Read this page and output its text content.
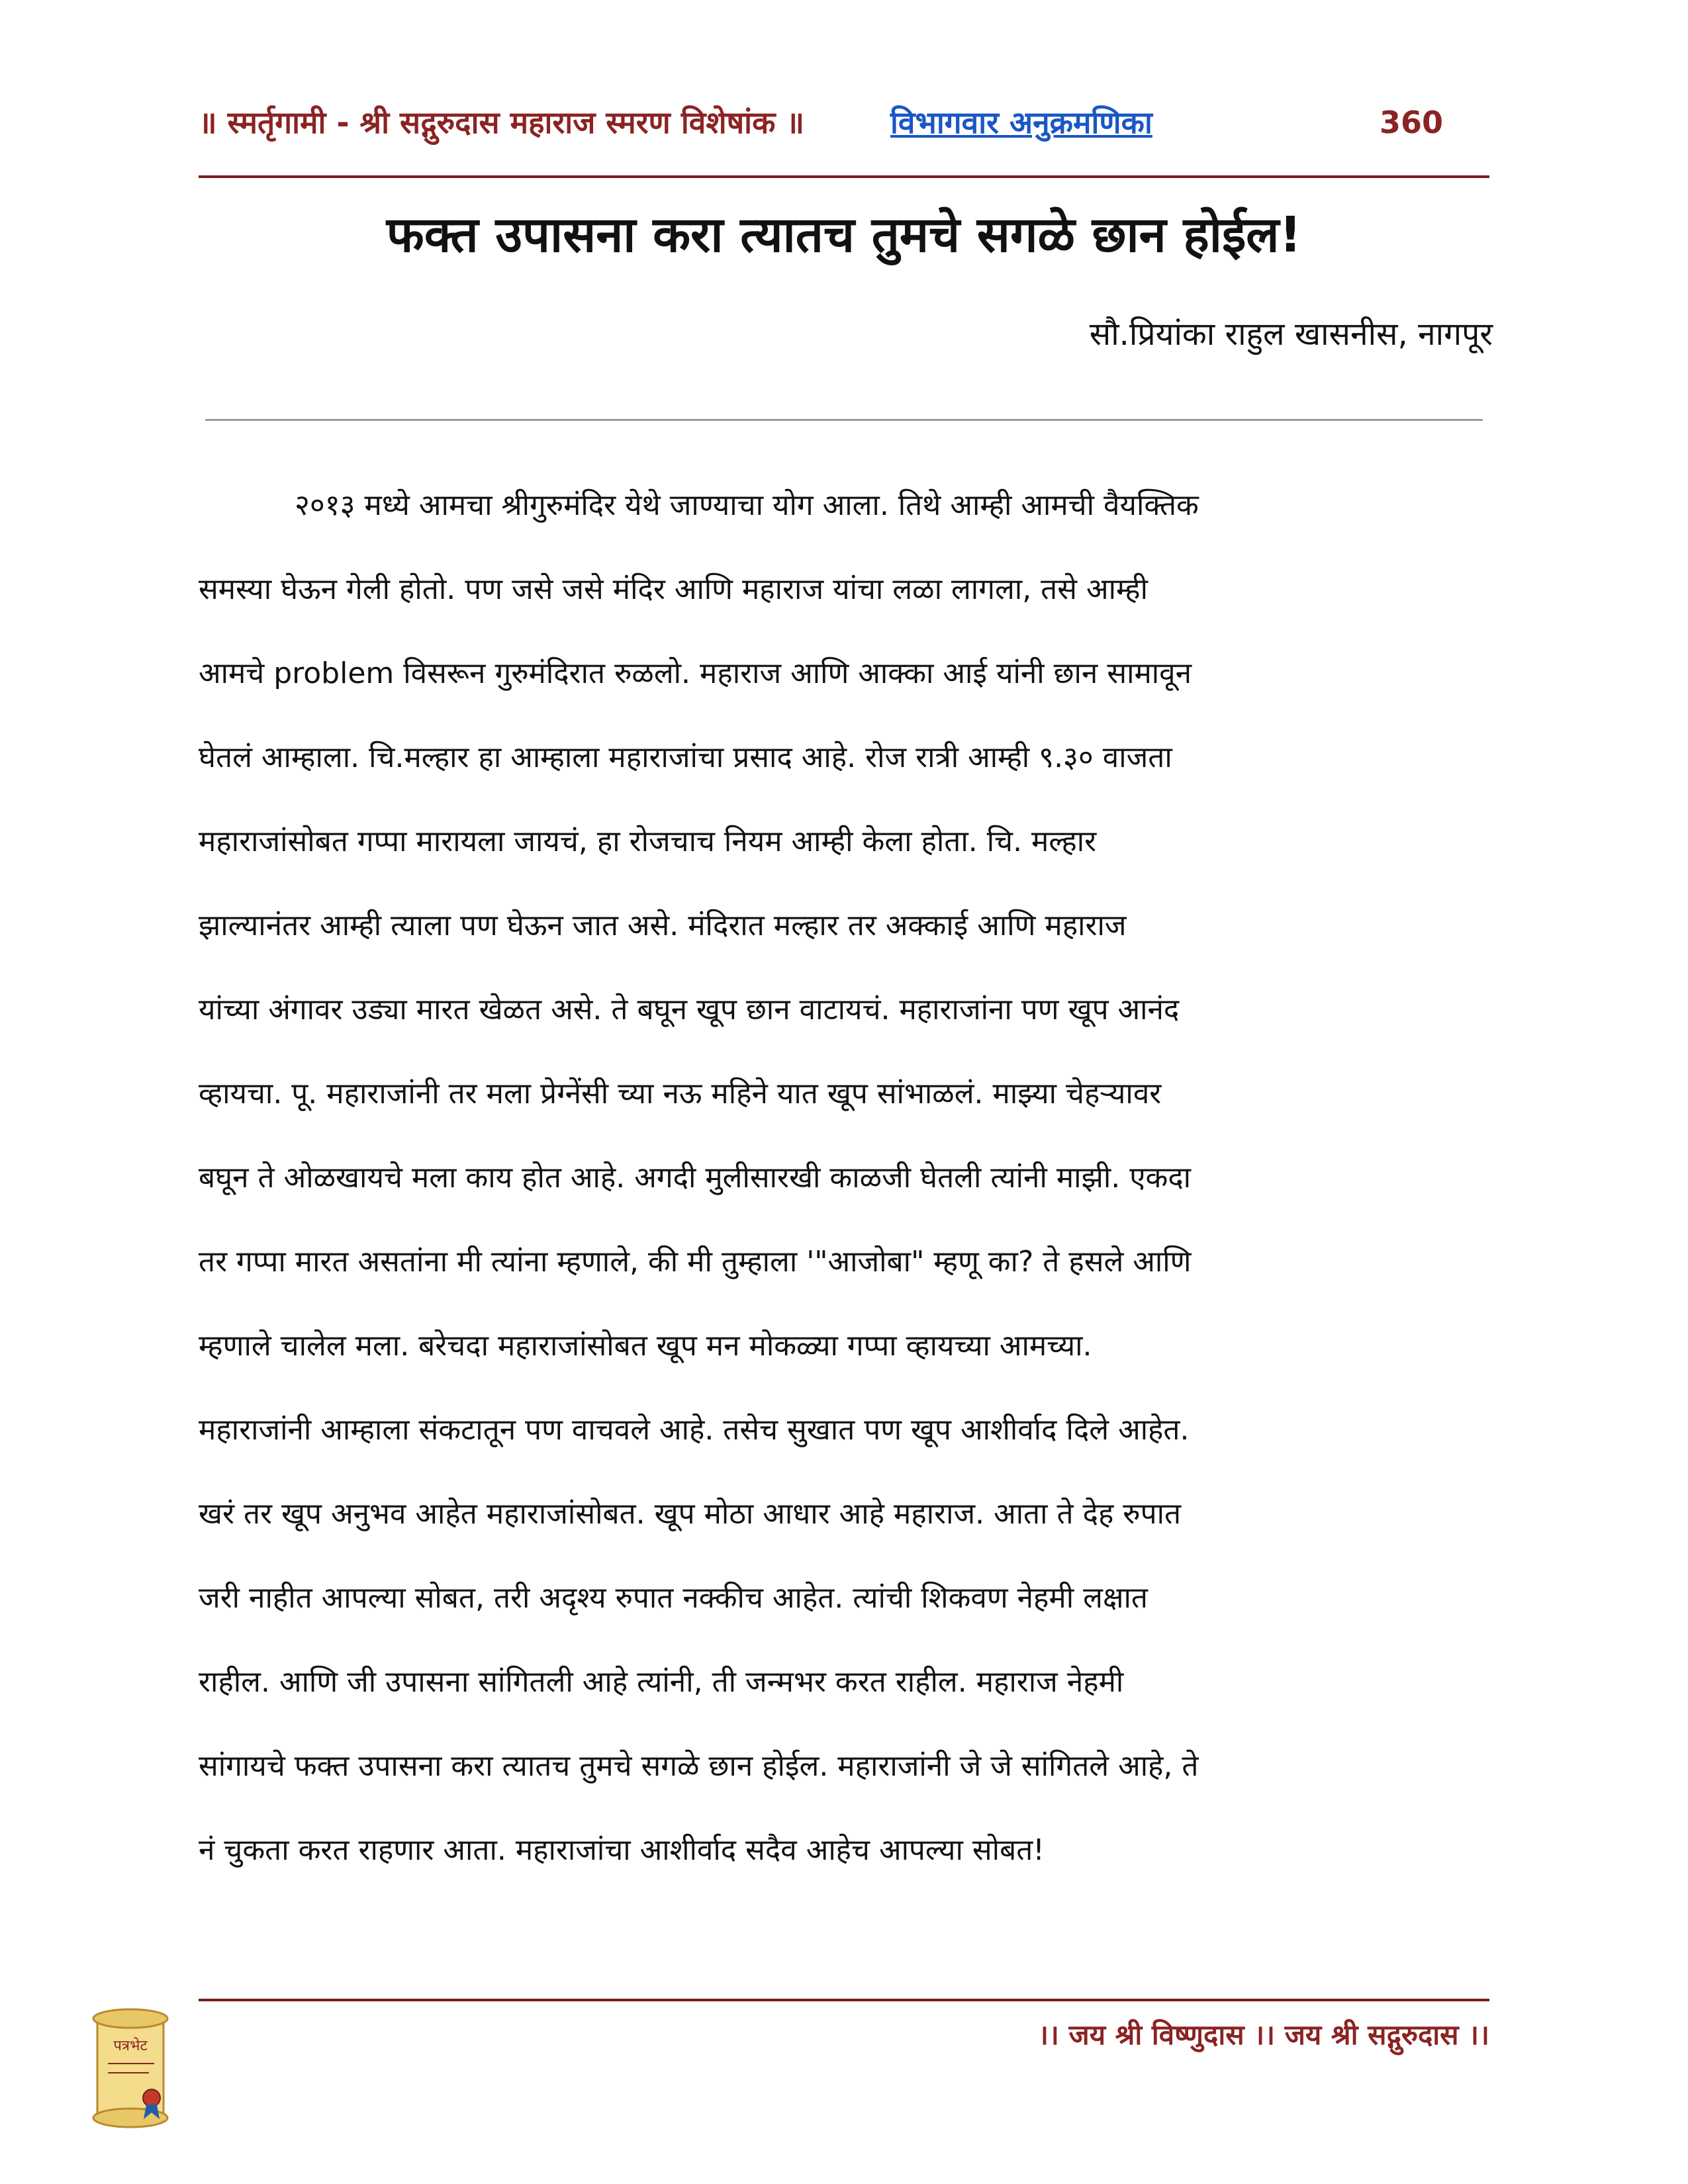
॥ स्मर्तृगामी - श्री सद्गुरुदास महाराज स्मरण विशेषांक ॥	विभागवार अनुक्रमणिका	360
फक्त उपासना करा त्यातच तुमचे सगळे छान होईल!
सौ.प्रियांका राहुल खासनीस, नागपूर
२०१३ मध्ये आमचा श्रीगुरुमंदिर येथे जाण्याचा योग आला. तिथे आम्ही आमची वैयक्तिक
समस्या घेऊन गेली होतो. पण जसे जसे मंदिर आणि महाराज यांचा लळा लागला, तसे आम्ही
आमचे problem विसरून गुरुमंदिरात रुळलो. महाराज आणि आक्का आई यांनी छान सामावून
घेतलं आम्हाला. चि.मल्हार हा आम्हाला महाराजांचा प्रसाद आहे. रोज रात्री आम्ही ९.३० वाजता
महाराजांसोबत गप्पा मारायला जायचं, हा रोजचाच नियम आम्ही केला होता. चि. मल्हार
झाल्यानंतर आम्ही त्याला पण घेऊन जात असे. मंदिरात मल्हार तर अक्काई आणि महाराज
यांच्या अंगावर उड्या मारत खेळत असे. ते बघून खूप छान वाटायचं. महाराजांना पण खूप आनंद
व्हायचा. पू. महाराजांनी तर मला प्रेग्नेंसी च्या नऊ महिने यात खूप सांभाळलं. माझ्या चेहऱ्यावर
बघून ते ओळखायचे मला काय होत आहे. अगदी मुलीसारखी काळजी घेतली त्यांनी माझी. एकदा
तर गप्पा मारत असतांना मी त्यांना म्हणाले, की मी तुम्हाला '"आजोबा" म्हणू का? ते हसले आणि
म्हणाले चालेल मला. बरेचदा महाराजांसोबत खूप मन मोकळ्या गप्पा व्हायच्या आमच्या.
महाराजांनी आम्हाला संकटातून पण वाचवले आहे. तसेच सुखात पण खूप आशीर्वाद दिले आहेत.
खरं तर खूप अनुभव आहेत महाराजांसोबत. खूप मोठा आधार आहे महाराज. आता ते देह रुपात
जरी नाहीत आपल्या सोबत, तरी अदृश्य रुपात नक्कीच आहेत. त्यांची शिकवण नेहमी लक्षात
राहील. आणि जी उपासना सांगितली आहे त्यांनी, ती जन्मभर करत राहील. महाराज नेहमी
सांगायचे फक्त उपासना करा त्यातच तुमचे सगळे छान होईल. महाराजांनी जे जे सांगितले आहे, ते
नं चुकता करत राहणार आता. महाराजांचा आशीर्वाद सदैव आहेच आपल्या सोबत!
पत्रभेट	।। जय श्री विष्णुदास ।। जय श्री सद्गुरुदास ।।
